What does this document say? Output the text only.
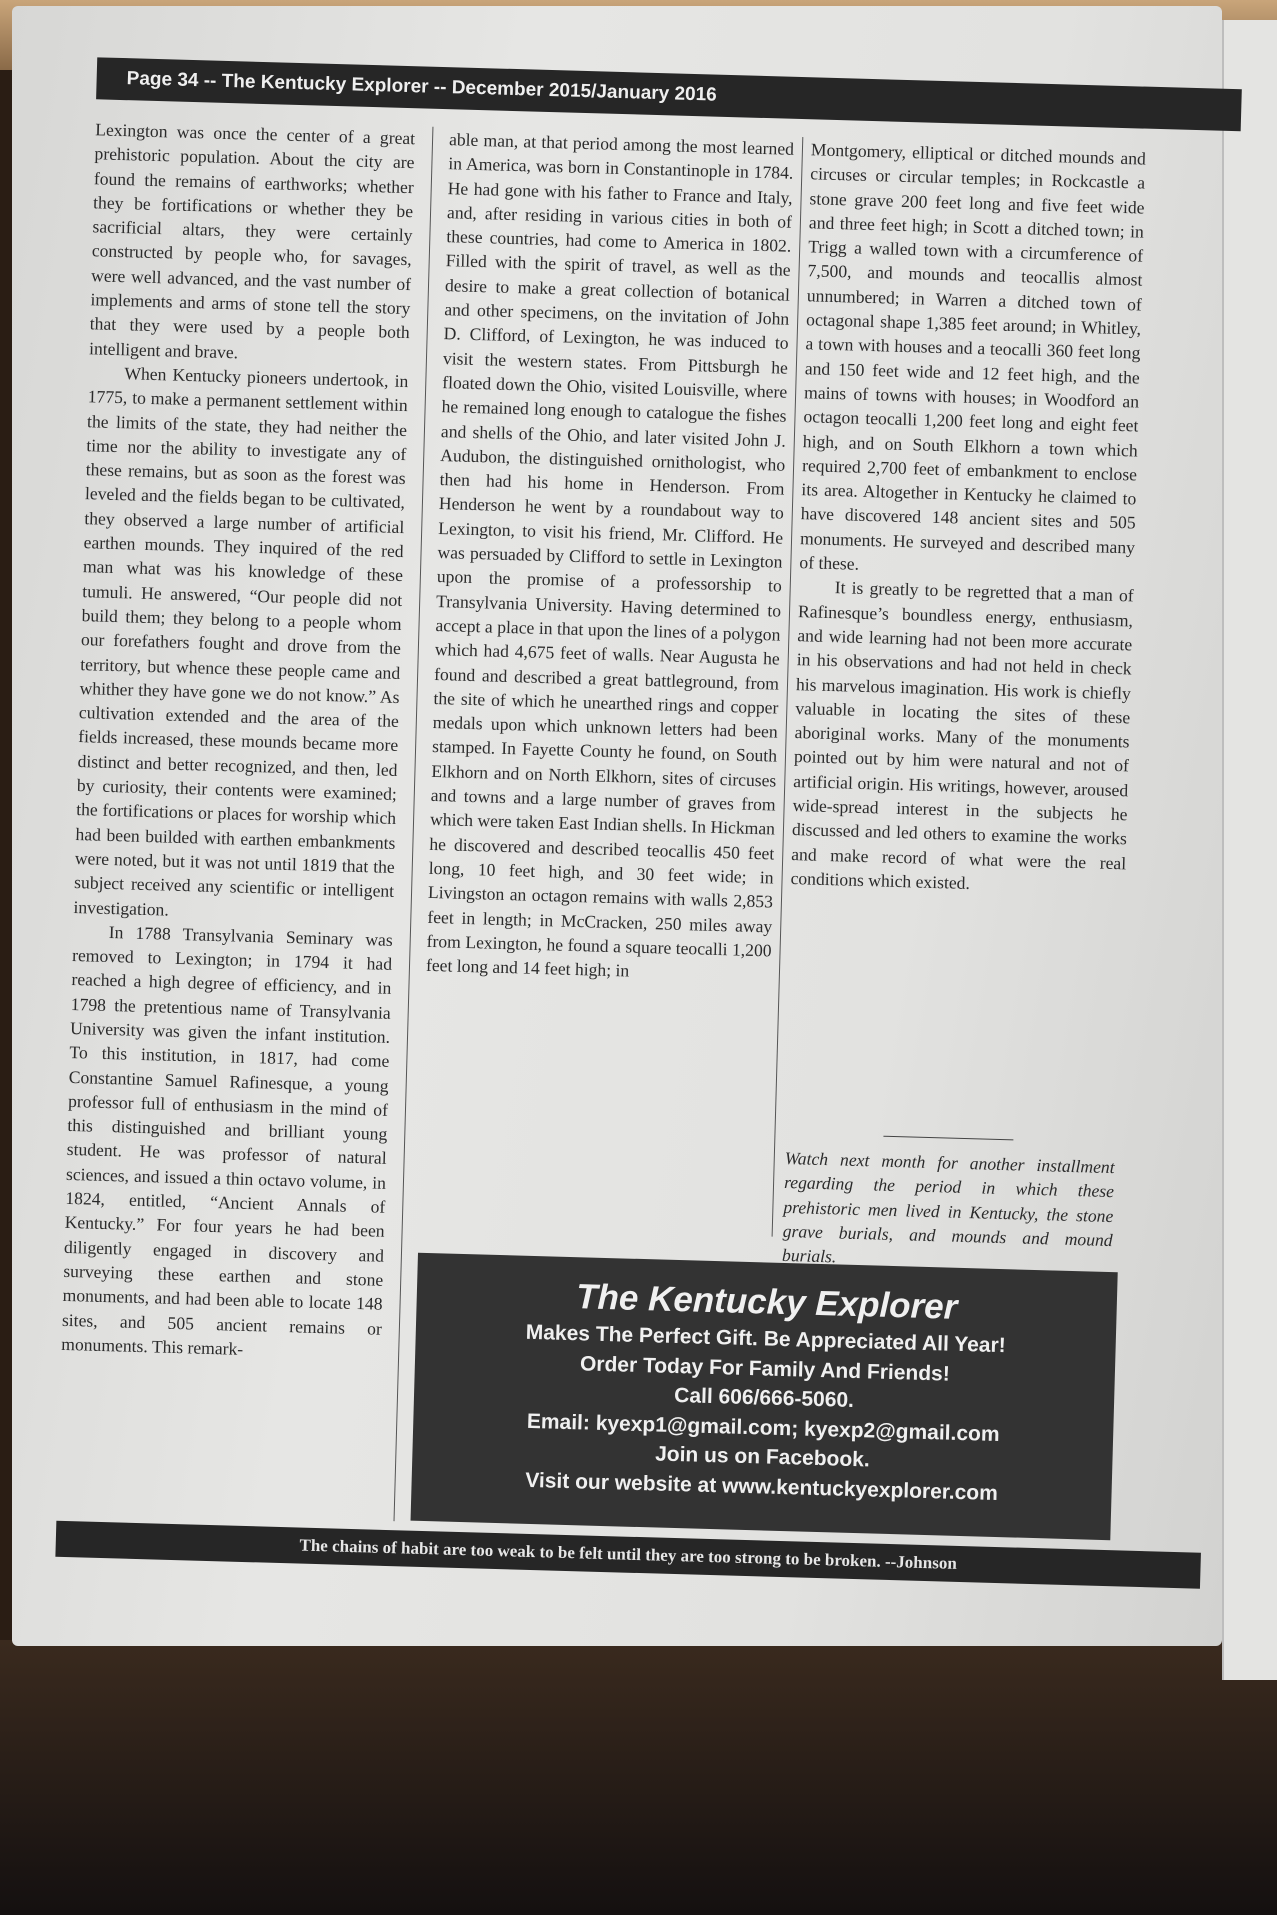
Page 34 -- The Kentucky Explorer -- December 2015/January 2016

Lexington was once the center of a great prehistoric population. About the city are found the remains of earthworks; whether they be fortifications or whether they be sacrificial altars, they were certainly constructed by people who, for savages, were well advanced, and the vast number of implements and arms of stone tell the story that they were used by a people both intelligent and brave.

When Kentucky pioneers undertook, in 1775, to make a permanent settlement within the limits of the state, they had neither the time nor the ability to investigate any of these remains, but as soon as the forest was leveled and the fields began to be cultivated, they observed a large number of artificial earthen mounds. They inquired of the red man what was his knowledge of these tumuli. He answered, “Our people did not build them; they belong to a people whom our forefathers fought and drove from the territory, but whence these people came and whither they have gone we do not know.” As cultivation extended and the area of the fields increased, these mounds became more distinct and better recognized, and then, led by curiosity, their contents were examined; the fortifications or places for worship which had been builded with earthen embankments were noted, but it was not until 1819 that the subject received any scientific or intelligent investigation.

In 1788 Transylvania Seminary was removed to Lexington; in 1794 it had reached a high degree of efficiency, and in 1798 the pretentious name of Transylvania University was given the infant institution. To this institution, in 1817, had come Constantine Samuel Rafinesque, a young professor full of enthusiasm in the mind of this distinguished and brilliant young student. He was professor of natural sciences, and issued a thin octavo volume, in 1824, entitled, “Ancient Annals of Kentucky.” For four years he had been diligently engaged in discovery and surveying these earthen and stone monuments, and had been able to locate 148 sites, and 505 ancient remains or monuments. This remark-

able man, at that period among the most learned in America, was born in Constantinople in 1784. He had gone with his father to France and Italy, and, after residing in various cities in both of these countries, had come to America in 1802. Filled with the spirit of travel, as well as the desire to make a great collection of botanical and other specimens, on the invitation of John D. Clifford, of Lexington, he was induced to visit the western states. From Pittsburgh he floated down the Ohio, visited Louisville, where he remained long enough to catalogue the fishes and shells of the Ohio, and later visited John J. Audubon, the distinguished ornithologist, who then had his home in Henderson. From Henderson he went by a roundabout way to Lexington, to visit his friend, Mr. Clifford. He was persuaded by Clifford to settle in Lexington upon the promise of a professorship to Transylvania University. Having determined to accept a place in that upon the lines of a polygon which had 4,675 feet of walls. Near Augusta he found and described a great battleground, from the site of which he unearthed rings and copper medals upon which unknown letters had been stamped. In Fayette County he found, on South Elkhorn and on North Elkhorn, sites of circuses and towns and a large number of graves from which were taken East Indian shells. In Hickman he discovered and described teocallis 450 feet long, 10 feet high, and 30 feet wide; in Livingston an octagon remains with walls 2,853 feet in length; in McCracken, 250 miles away from Lexington, he found a square teocalli 1,200 feet long and 14 feet high; in

Montgomery, elliptical or ditched mounds and circuses or circular temples; in Rockcastle a stone grave 200 feet long and five feet wide and three feet high; in Scott a ditched town; in Trigg a walled town with a circumference of 7,500, and mounds and teocallis almost unnumbered; in Warren a ditched town of octagonal shape 1,385 feet around; in Whitley, a town with houses and a teocalli 360 feet long and 150 feet wide and 12 feet high, and the mains of towns with houses; in Woodford an octagon teocalli 1,200 feet long and eight feet high, and on South Elkhorn a town which required 2,700 feet of embankment to enclose its area. Altogether in Kentucky he claimed to have discovered 148 ancient sites and 505 monuments. He surveyed and described many of these.

It is greatly to be regretted that a man of Rafinesque’s boundless energy, enthusiasm, and wide learning had not been more accurate in his observations and had not held in check his marvelous imagination. His work is chiefly valuable in locating the sites of these aboriginal works. Many of the monuments pointed out by him were natural and not of artificial origin. His writings, however, aroused wide-spread interest in the subjects he discussed and led others to examine the works and make record of what were the real conditions which existed.

Watch next month for another installment regarding the period in which these prehistoric men lived in Kentucky, the stone grave burials, and mounds and mound burials.
The Kentucky Explorer
Makes The Perfect Gift. Be Appreciated All Year!
Order Today For Family And Friends!
Call 606/666-5060.
Email: kyexp1@gmail.com; kyexp2@gmail.com
Join us on Facebook.
Visit our website at www.kentuckyexplorer.com
The chains of habit are too weak to be felt until they are too strong to be broken. --Johnson
